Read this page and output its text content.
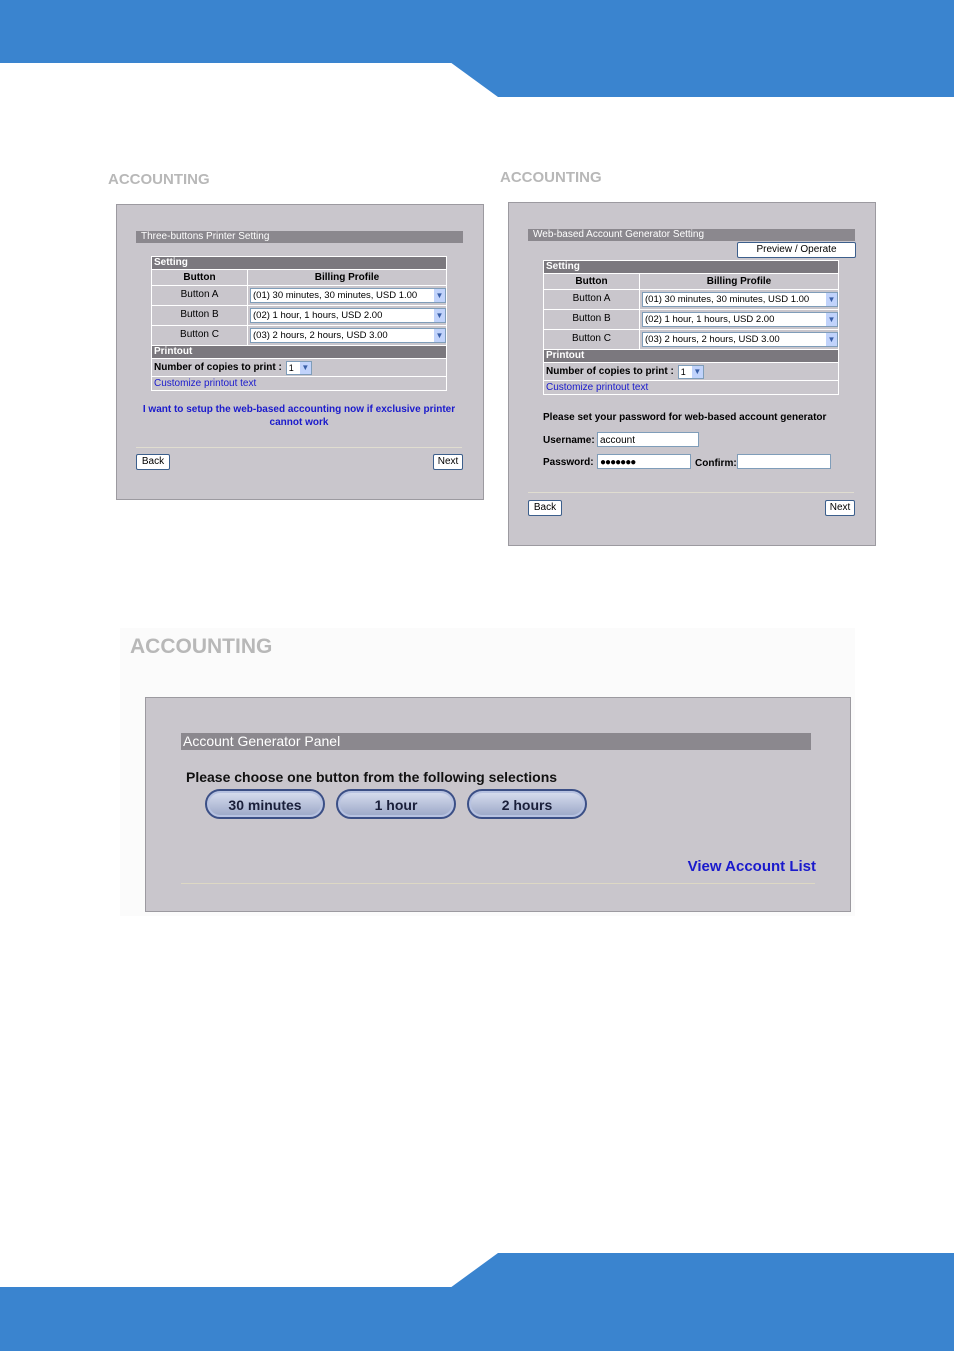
ACCOUNTING
Three-buttons Printer Setting
Setting
Button	Billing Profile
Button A	(01) 30 minutes, 30 minutes, USD 1.00	▼
Button B	(02) 1 hour, 1 hours, USD 2.00	▼
Button C	(03) 2 hours, 2 hours, USD 3.00	▼
Printout
Number of copies to print : 1 ▼
Customize printout text
I want to setup the web-based accounting now if exclusive printer
cannot work
Back	Next
ACCOUNTING
Web-based Account Generator Setting
Preview / Operate
Setting
Button	Billing Profile
Button A	(01) 30 minutes, 30 minutes, USD 1.00	▼
Button B	(02) 1 hour, 1 hours, USD 2.00	▼
Button C	(03) 2 hours, 2 hours, USD 3.00	▼
Printout
Number of copies to print : 1 ▼
Customize printout text
Please set your password for web-based account generator
Username: account
Password: ●●●●●●●	Confirm:
Back	Next
ACCOUNTING
Account Generator Panel
Please choose one button from the following selections
30 minutes	1 hour	2 hours
View Account List
